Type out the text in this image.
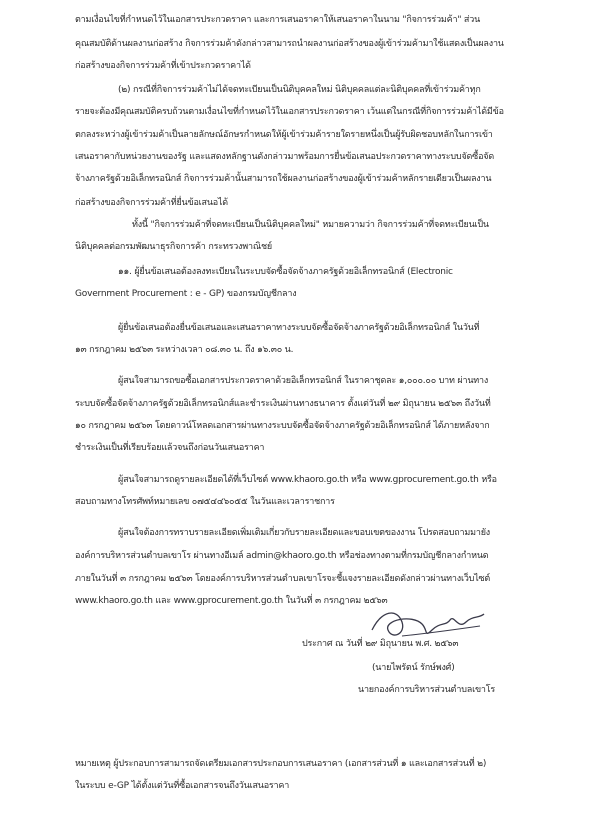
ตามเงื่อนไขที่กำหนดไว้ในเอกสารประกวดราคา และการเสนอราคาให้เสนอราคาในนาม "กิจการร่วมค้า" ส่วน
คุณสมบัติด้านผลงานก่อสร้าง กิจการร่วมค้าดังกล่าวสามารถนำผลงานก่อสร้างของผู้เข้าร่วมค้ามาใช้แสดงเป็นผลงาน
ก่อสร้างของกิจการร่วมค้าที่เข้าประกวดราคาได้
(๒) กรณีที่กิจการร่วมค้าไม่ได้จดทะเบียนเป็นนิติบุคคลใหม่ นิติบุคคลแต่ละนิติบุคคลที่เข้าร่วมค้าทุก
รายจะต้องมีคุณสมบัติครบถ้วนตามเงื่อนไขที่กำหนดไว้ในเอกสารประกวดราคา เว้นแต่ในกรณีที่กิจการร่วมค้าได้มีข้อ
ตกลงระหว่างผู้เข้าร่วมค้าเป็นลายลักษณ์อักษรกำหนดให้ผู้เข้าร่วมค้ารายใดรายหนึ่งเป็นผู้รับผิดชอบหลักในการเข้า
เสนอราคากับหน่วยงานของรัฐ และแสดงหลักฐานดังกล่าวมาพร้อมการยื่นข้อเสนอประกวดราคาทางระบบจัดซื้อจัด
จ้างภาครัฐด้วยอิเล็กทรอนิกส์ กิจการร่วมค้านั้นสามารถใช้ผลงานก่อสร้างของผู้เข้าร่วมค้าหลักรายเดียวเป็นผลงาน
ก่อสร้างของกิจการร่วมค้าที่ยื่นข้อเสนอได้
ทั้งนี้ "กิจการร่วมค้าที่จดทะเบียนเป็นนิติบุคคลใหม่" หมายความว่า กิจการร่วมค้าที่จดทะเบียนเป็น
นิติบุคคลต่อกรมพัฒนาธุรกิจการค้า กระทรวงพาณิชย์
๑๑. ผู้ยื่นข้อเสนอต้องลงทะเบียนในระบบจัดซื้อจัดจ้างภาครัฐด้วยอิเล็กทรอนิกส์ (Electronic
Government Procurement : e - GP) ของกรมบัญชีกลาง
ผู้ยื่นข้อเสนอต้องยื่นข้อเสนอและเสนอราคาทางระบบจัดซื้อจัดจ้างภาครัฐด้วยอิเล็กทรอนิกส์ ในวันที่
๑๓ กรกฎาคม ๒๕๖๓ ระหว่างเวลา ๐๘.๓๐ น. ถึง ๑๖.๓๐ น.
ผู้สนใจสามารถขอซื้อเอกสารประกวดราคาด้วยอิเล็กทรอนิกส์ ในราคาชุดละ ๑,๐๐๐.๐๐ บาท ผ่านทาง
ระบบจัดซื้อจัดจ้างภาครัฐด้วยอิเล็กทรอนิกส์และชำระเงินผ่านทางธนาคาร ตั้งแต่วันที่ ๒๙ มิถุนายน ๒๕๖๓ ถึงวันที่
๑๐ กรกฎาคม ๒๕๖๓ โดยดาวน์โหลดเอกสารผ่านทางระบบจัดซื้อจัดจ้างภาครัฐด้วยอิเล็กทรอนิกส์ ได้ภายหลังจาก
ชำระเงินเป็นที่เรียบร้อยแล้วจนถึงก่อนวันเสนอราคา
ผู้สนใจสามารถดูรายละเอียดได้ที่เว็บไซต์ www.khaoro.go.th หรือ www.gprocurement.go.th หรือ
สอบถามทางโทรศัพท์หมายเลข ๐๗๕๔๔๖๐๕๕ ในวันและเวลาราชการ
ผู้สนใจต้องการทราบรายละเอียดเพิ่มเติมเกี่ยวกับรายละเอียดและขอบเขตของงาน โปรดสอบถามมายัง
องค์การบริหารส่วนตำบลเขาโร ผ่านทางอีเมล์ admin@khaoro.go.th หรือช่องทางตามที่กรมบัญชีกลางกำหนด
ภายในวันที่ ๓ กรกฎาคม ๒๕๖๓ โดยองค์การบริหารส่วนตำบลเขาโรจะชี้แจงรายละเอียดดังกล่าวผ่านทางเว็บไซต์
www.khaoro.go.th และ www.gprocurement.go.th ในวันที่ ๓ กรกฎาคม ๒๕๖๓
ประกาศ ณ วันที่ ๒๙ มิถุนายน พ.ศ. ๒๕๖๓
(นายไพรัตน์ รักษ์พงศ์)
นายกองค์การบริหารส่วนตำบลเขาโร
หมายเหตุ ผู้ประกอบการสามารถจัดเตรียมเอกสารประกอบการเสนอราคา (เอกสารส่วนที่ ๑ และเอกสารส่วนที่ ๒)
ในระบบ e-GP ได้ตั้งแต่วันที่ซื้อเอกสารจนถึงวันเสนอราคา
